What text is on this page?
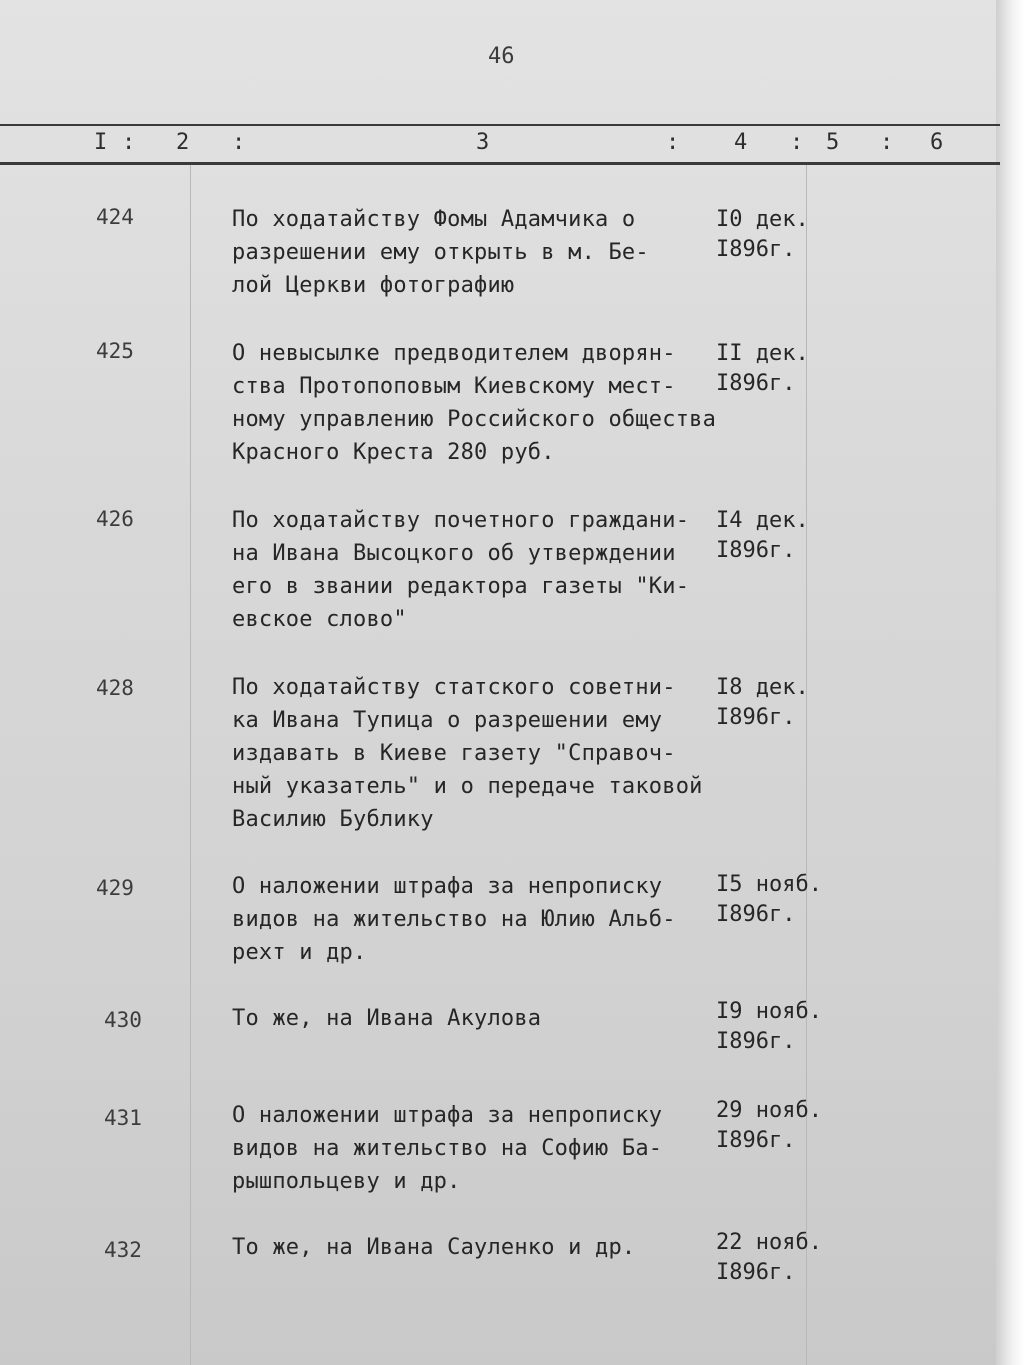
46
I : 2 :	3	: 4 : 5 : 6
424	По ходатайству Фомы Адамчика о
разрешении ему открыть в м. Бе-
лой Церкви фотографию
I0 дек.
I896г.
425	О невысылке предводителем дворян-
ства Протопоповым Киевскому мест-
ному управлению Российского общества
Красного Креста 280 руб.
II дек.
I896г.
426	По ходатайству почетного граждани-
на Ивана Высоцкого об утверждении
его в звании редактора газеты "Ки-
евское слово"
I4 дек.
I896г.
428	По ходатайству статского советни-
ка Ивана Тупица о разрешении ему
издавать в Киеве газету "Справоч-
ный указатель" и о передаче таковой
Василию Бублику
I8 дек.
I896г.
429	О наложении штрафа за непрописку
видов на жительство на Юлию Альб-
рехт и др.
I5 нояб.
I896г.
430	То же, на Ивана Акулова	I9 нояб.
I896г.
431	О наложении штрафа за непрописку
видов на жительство на Софию Ба-
рышпольцеву и др.
29 нояб.
I896г.
432	То же, на Ивана Сауленко и др.	22 нояб.
I896г.
